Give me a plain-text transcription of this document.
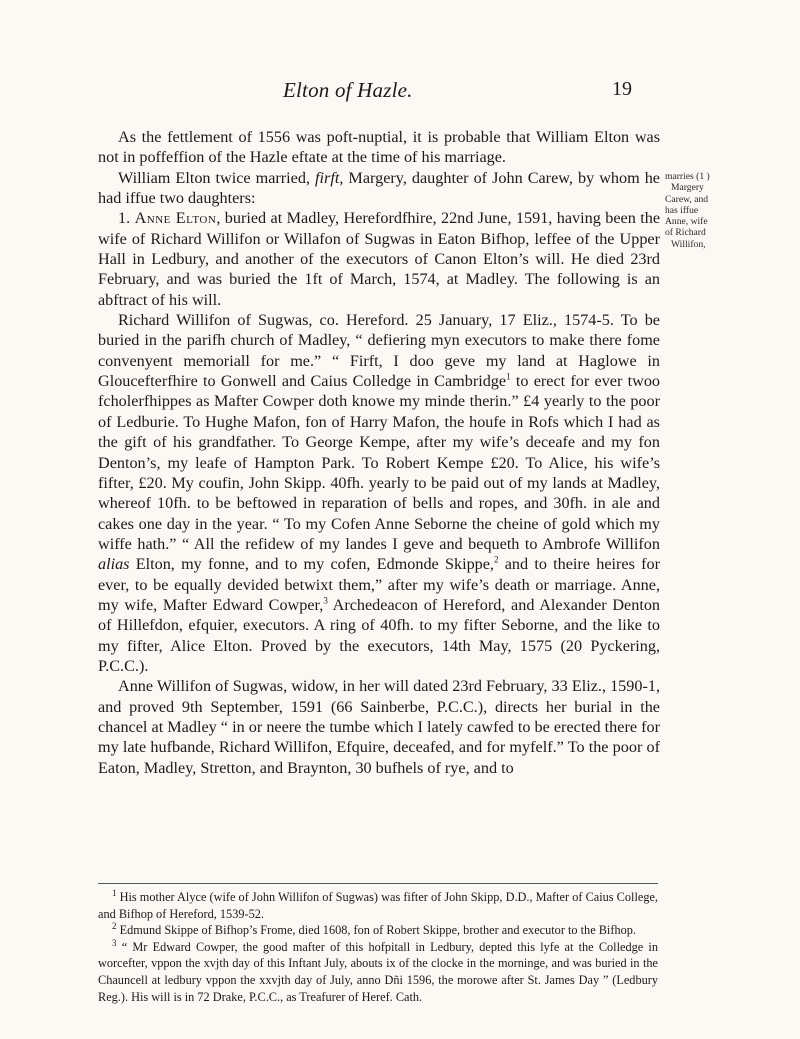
Elton of Hazle.	19

As the fettlement of 1556 was poft-nuptial, it is probable that William Elton was not in poffeffion of the Hazle eftate at the time of his marriage.

William Elton twice married, firft, Margery, daughter of John Carew, by whom he had iffue two daughters:

1. Anne Elton, buried at Madley, Herefordfhire, 22nd June, 1591, having been the wife of Richard Willifon or Willafon of Sugwas in Eaton Bifhop, leffee of the Upper Hall in Ledbury, and another of the executors of Canon Elton’s will. He died 23rd February, and was buried the 1ft of March, 1574, at Madley. The following is an abftract of his will.

Richard Willifon of Sugwas, co. Hereford. 25 January, 17 Eliz., 1574-5. To be buried in the parifh church of Madley, “ defiering myn executors to make there fome convenyent memoriall for me.” “ Firft, I doo geve my land at Haglowe in Gloucefterfhire to Gonwell and Caius Colledge in Cambridge$^1$ to erect for ever twoo fcholerfhippes as Mafter Cowper doth knowe my minde therin.” £4 yearly to the poor of Ledburie. To Hughe Mafon, fon of Harry Mafon, the houfe in Rofs which I had as the gift of his grandfather. To George Kempe, after my wife’s deceafe and my fon Denton’s, my leafe of Hampton Park. To Robert Kempe £20. To Alice, his wife’s fifter, £20. My coufin, John Skipp. 40fh. yearly to be paid out of my lands at Madley, whereof 10fh. to be beftowed in reparation of bells and ropes, and 30fh. in ale and cakes one day in the year. “ To my Cofen Anne Seborne the cheine of gold which my wiffe hath.” “ All the refidew of my landes I geve and bequeth to Ambrofe Willifon alias Elton, my fonne, and to my cofen, Edmonde Skippe,$^2$ and to theire heires for ever, to be equally devided betwixt them,” after my wife’s death or marriage. Anne, my wife, Mafter Edward Cowper,$^3$ Archedeacon of Hereford, and Alexander Denton of Hillefdon, efquier, executors. A ring of 40fh. to my fifter Seborne, and the like to my fifter, Alice Elton. Proved by the executors, 14th May, 1575 (20 Pyckering, P.C.C.).

Anne Willifon of Sugwas, widow, in her will dated 23rd February, 33 Eliz., 1590-1, and proved 9th September, 1591 (66 Sainberbe, P.C.C.), directs her burial in the chancel at Madley “ in or neere the tumbe which I lately cawfed to be erected there for my late hufbande, Richard Willifon, Efquire, deceafed, and for myfelf.” To the poor of Eaton, Madley, Stretton, and Braynton, 30 bufhels of rye, and to

marries (1 )
Margery
Carew, and
has iffue
Anne, wife
of Richard
Willifon,

$^1$ His mother Alyce (wife of John Willifon of Sugwas) was fifter of John Skipp, D.D., Mafter of Caius College, and Bifhop of Hereford, 1539-52.

$^2$ Edmund Skippe of Bifhop’s Frome, died 1608, fon of Robert Skippe, brother and executor to the Bifhop.

$^3$ “ Mr Edward Cowper, the good mafter of this hofpitall in Ledbury, depted this lyfe at the Colledge in worcefter, vppon the xvjth day of this Inftant July, abouts ix of the clocke in the morninge, and was buried in the Chauncell at ledbury vppon the xxvjth day of July, anno Dñi 1596, the morowe after St. James Day ” (Ledbury Reg.). His will is in 72 Drake, P.C.C., as Treafurer of Heref. Cath.
